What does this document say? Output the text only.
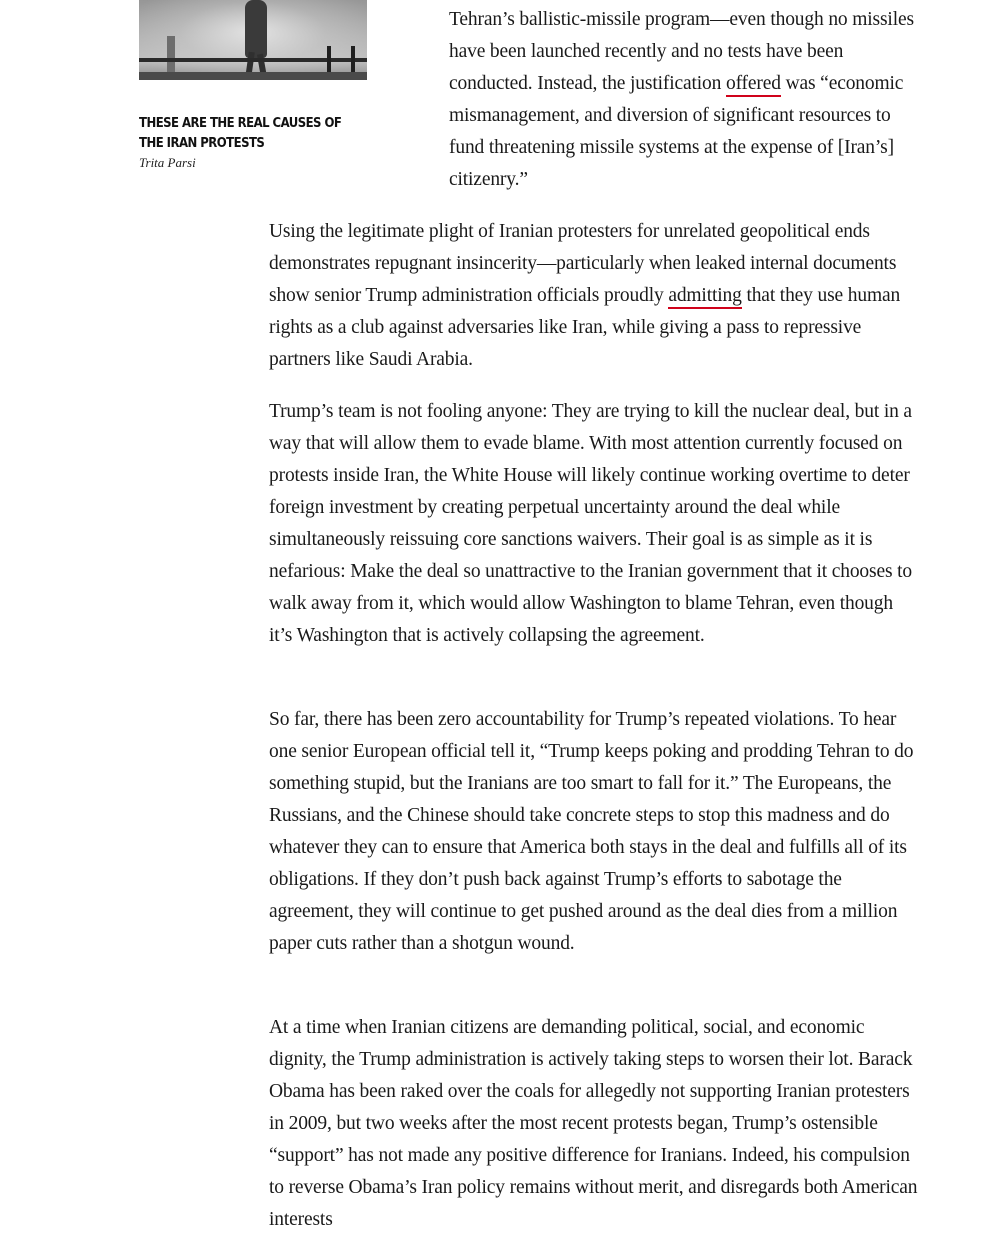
THESE ARE THE REAL CAUSES OF THE IRAN PROTESTS
Trita Parsi

Tehran’s ballistic-missile program—even though no missiles have been launched recently and no tests have been conducted. Instead, the justification offered was “economic mismanagement, and diversion of significant resources to fund threatening missile systems at the expense of [Iran’s] citizenry.”

Using the legitimate plight of Iranian protesters for unrelated geopolitical ends demonstrates repugnant insincerity—particularly when leaked internal documents show senior Trump administration officials proudly admitting that they use human rights as a club against adversaries like Iran, while giving a pass to repressive partners like Saudi Arabia.

Trump’s team is not fooling anyone: They are trying to kill the nuclear deal, but in a way that will allow them to evade blame. With most attention currently focused on protests inside Iran, the White House will likely continue working overtime to deter foreign investment by creating perpetual uncertainty around the deal while simultaneously reissuing core sanctions waivers. Their goal is as simple as it is nefarious: Make the deal so unattractive to the Iranian government that it chooses to walk away from it, which would allow Washington to blame Tehran, even though it’s Washington that is actively collapsing the agreement.

So far, there has been zero accountability for Trump’s repeated violations. To hear one senior European official tell it, “Trump keeps poking and prodding Tehran to do something stupid, but the Iranians are too smart to fall for it.” The Europeans, the Russians, and the Chinese should take concrete steps to stop this madness and do whatever they can to ensure that America both stays in the deal and fulfills all of its obligations. If they don’t push back against Trump’s efforts to sabotage the agreement, they will continue to get pushed around as the deal dies from a million paper cuts rather than a shotgun wound.

At a time when Iranian citizens are demanding political, social, and economic dignity, the Trump administration is actively taking steps to worsen their lot. Barack Obama has been raked over the coals for allegedly not supporting Iranian protesters in 2009, but two weeks after the most recent protests began, Trump’s ostensible “support” has not made any positive difference for Iranians. Indeed, his compulsion to reverse Obama’s Iran policy remains without merit, and disregards both American interests
